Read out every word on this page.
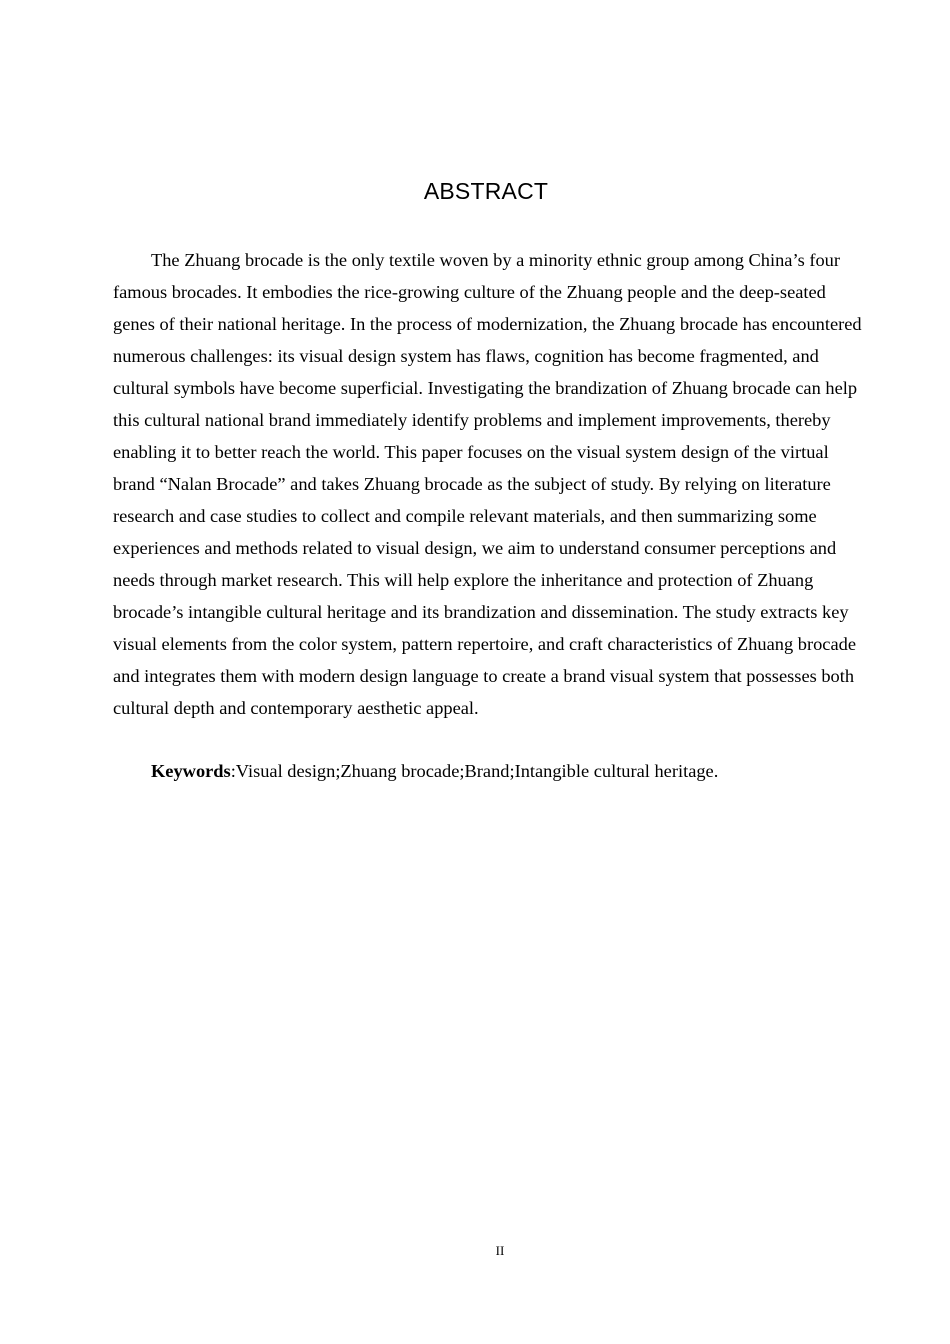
ABSTRACT

The Zhuang brocade is the only textile woven by a minority ethnic group among China’s four famous brocades. It embodies the rice-growing culture of the Zhuang people and the deep-seated genes of their national heritage. In the process of modernization, the Zhuang brocade has encountered numerous challenges: its visual design system has flaws, cognition has become fragmented, and cultural symbols have become superficial. Investigating the brandization of Zhuang brocade can help this cultural national brand immediately identify problems and implement improvements, thereby enabling it to better reach the world. This paper focuses on the visual system design of the virtual brand “Nalan Brocade” and takes Zhuang brocade as the subject of study. By relying on literature research and case studies to collect and compile relevant materials, and then summarizing some experiences and methods related to visual design, we aim to understand consumer perceptions and needs through market research. This will help explore the inheritance and protection of Zhuang brocade’s intangible cultural heritage and its brandization and dissemination. The study extracts key visual elements from the color system, pattern repertoire, and craft characteristics of Zhuang brocade and integrates them with modern design language to create a brand visual system that possesses both cultural depth and contemporary aesthetic appeal.

Keywords:Visual design;Zhuang brocade;Brand;Intangible cultural heritage.

II
